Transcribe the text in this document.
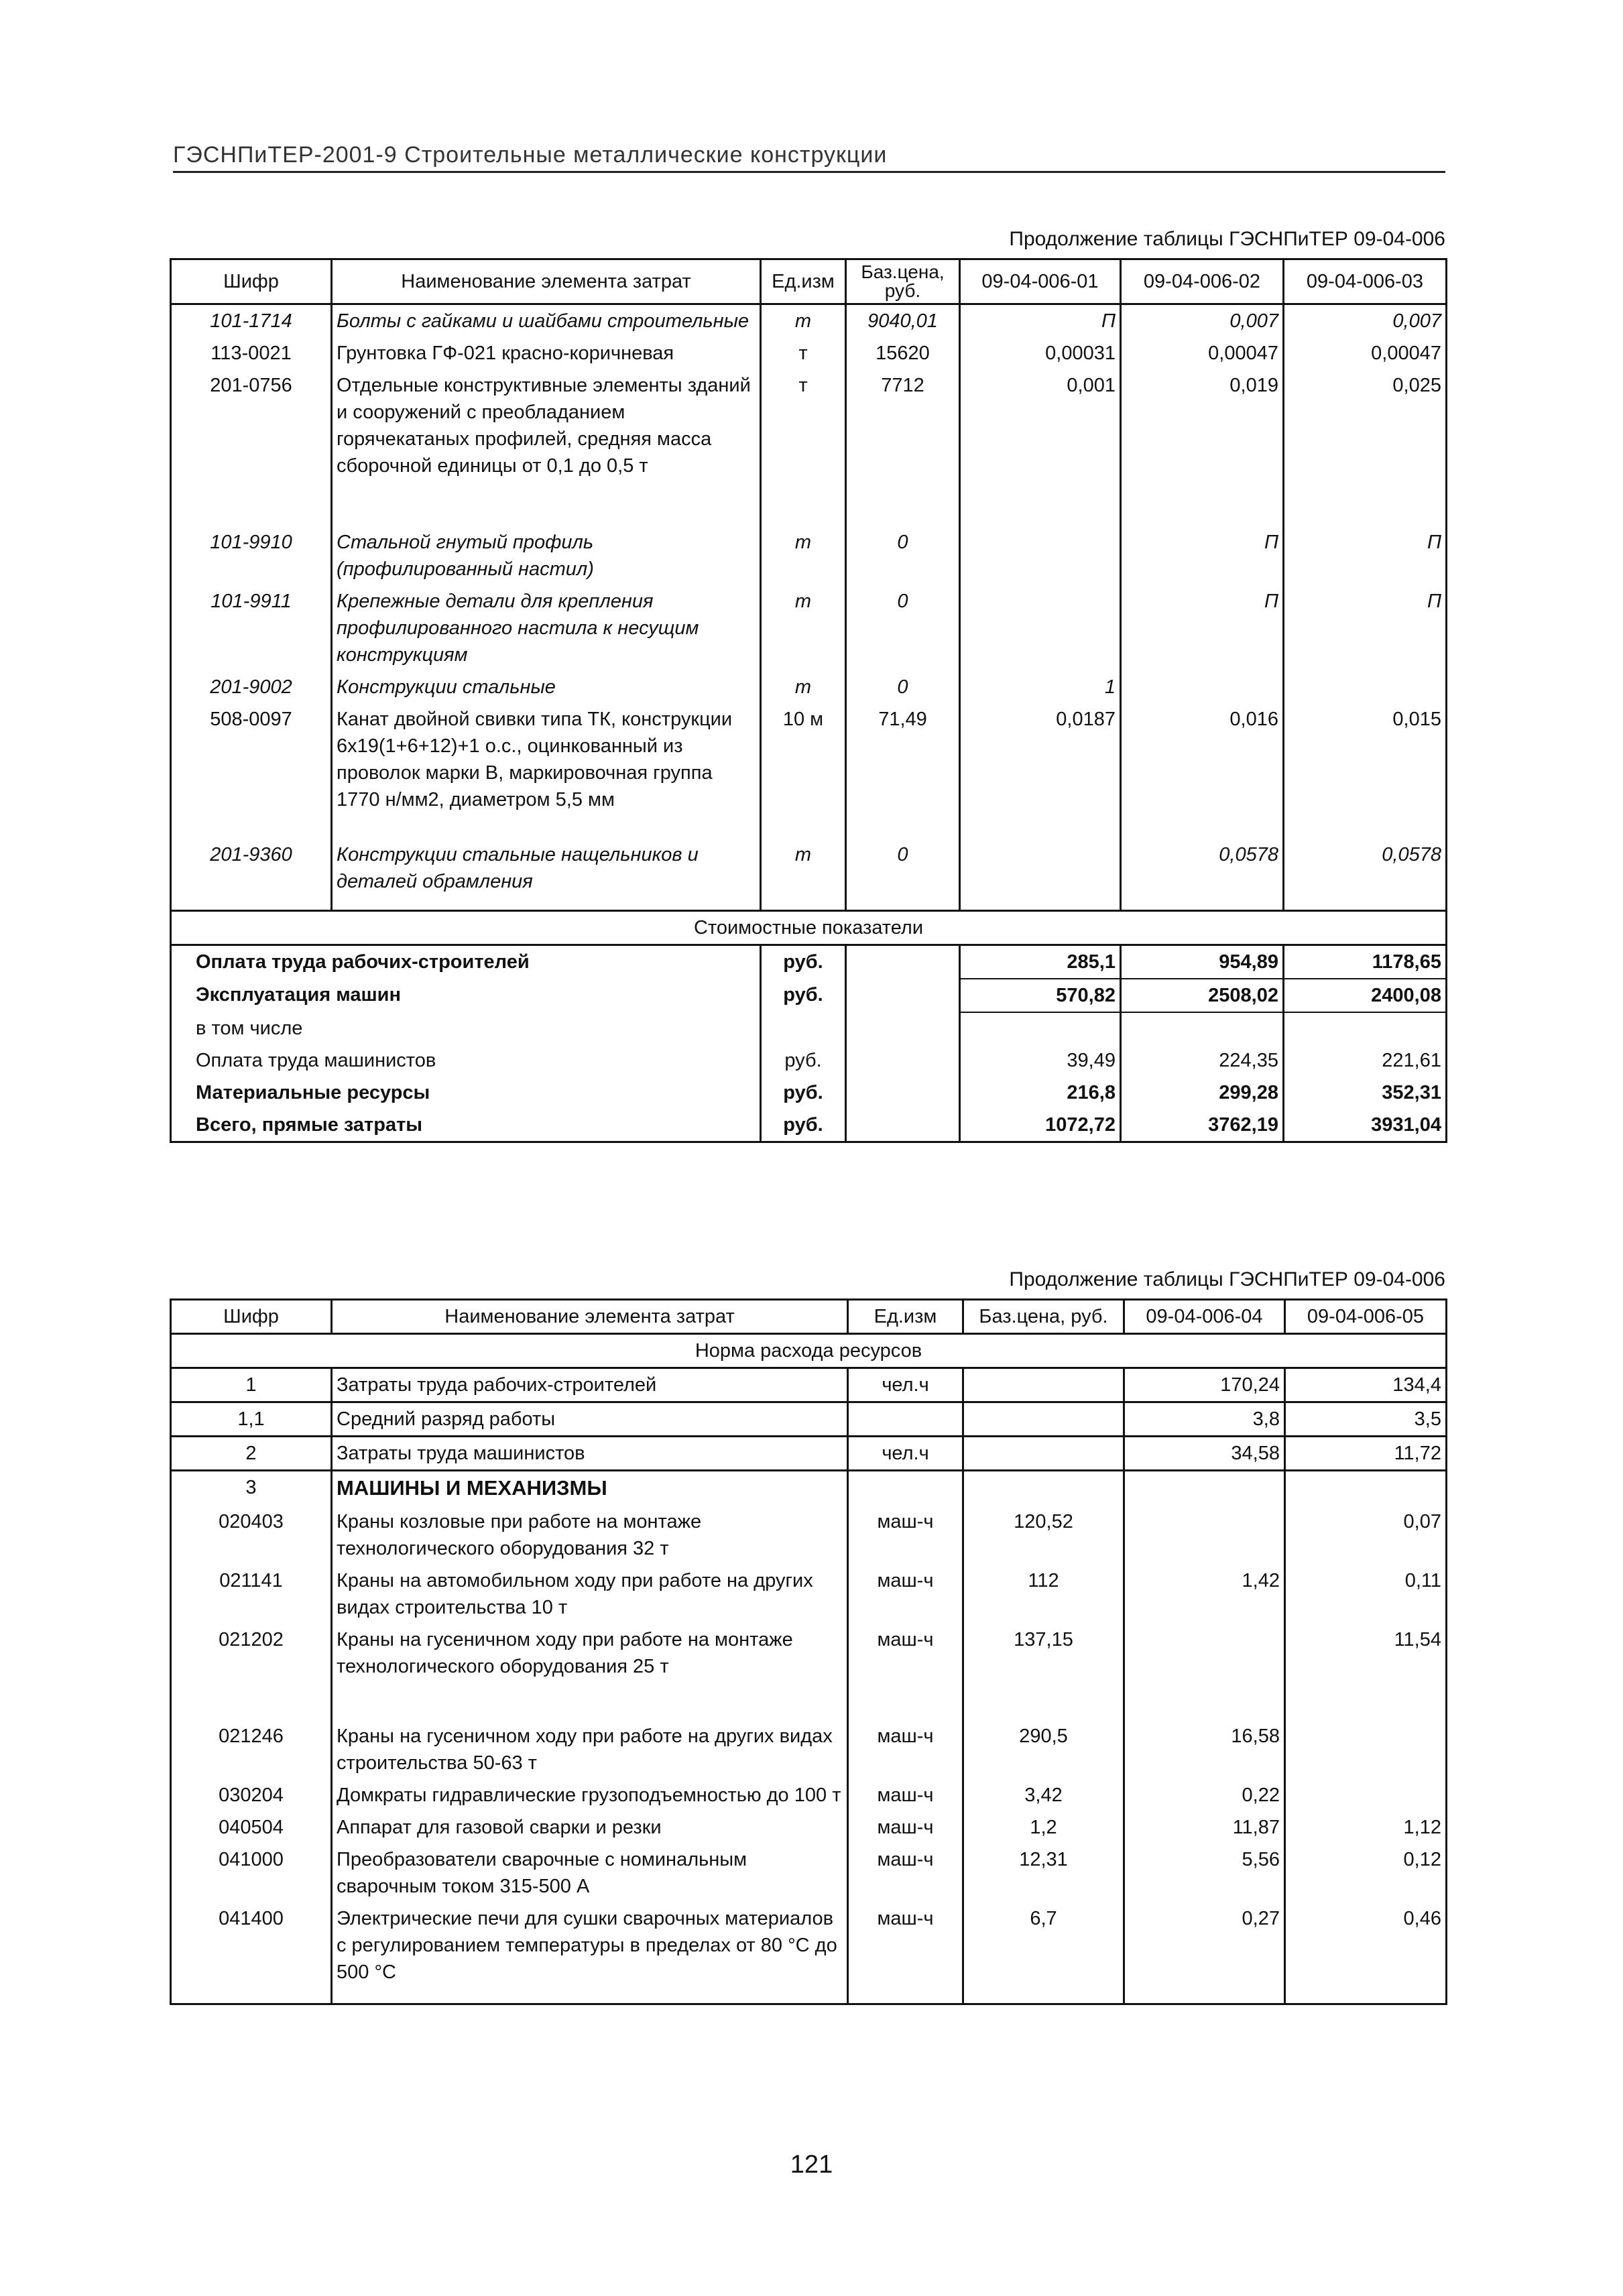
ГЭСНПиТЕР-2001-9 Строительные металлические конструкции
Продолжение таблицы ГЭСНПиТЕР 09-04-006
Шифр	Наименование элемента затрат	Ед.изм	Баз.цена, руб.	09-04-006-01	09-04-006-02	09-04-006-03
101-1714	Болты с гайками и шайбами строительные	т	9040,01	П	0,007	0,007
113-0021	Грунтовка ГФ-021 красно-коричневая	т	15620	0,00031	0,00047	0,00047
201-0756	Отдельные конструктивные элементы зданий и сооружений с преобладанием горячекатаных профилей, средняя масса сборочной единицы от 0,1 до 0,5 т	т	7712	0,001	0,019	0,025

101-9910	Стальной гнутый профиль (профилированный настил)	т	0		П	П
101-9911	Крепежные детали для крепления профилированного настила к несущим конструкциям	т	0		П	П
201-9002	Конструкции стальные	т	0	1		
508-0097	Канат двойной свивки типа ТК, конструкции 6х19(1+6+12)+1 о.с., оцинкованный из проволок марки В, маркировочная группа 1770 н/мм2, диаметром 5,5 мм	10 м	71,49	0,0187	0,016	0,015

201-9360	Конструкции стальные нащельников и деталей обрамления	т	0		0,0578	0,0578

Стоимостные показатели						
Оплата труда рабочих-строителей		руб.		285,1	954,89	1178,65
Эксплуатация машин		руб.		570,82	2508,02	2400,08
в том числе						
Оплата труда машинистов		руб.		39,49	224,35	221,61
Материальные ресурсы		руб.		216,8	299,28	352,31
Всего, прямые затраты		руб.		1072,72	3762,19	3931,04
Продолжение таблицы ГЭСНПиТЕР 09-04-006
Шифр	Наименование элемента затрат	Ед.изм	Баз.цена, руб.	09-04-006-04	09-04-006-05
Норма расхода ресурсов					
1	Затраты труда рабочих-строителей	чел.ч		170,24	134,4
1,1	Средний разряд работы			3,8	3,5
2	Затраты труда машинистов	чел.ч		34,58	11,72
3	МАШИНЫ И МЕХАНИЗМЫ				
020403	Краны козловые при работе на монтаже технологического оборудования 32 т	маш-ч	120,52		0,07
021141	Краны на автомобильном ходу при работе на других видах строительства 10 т	маш-ч	112	1,42	0,11
021202	Краны на гусеничном ходу при работе на монтаже технологического оборудования 25 т	маш-ч	137,15		11,54

021246	Краны на гусеничном ходу при работе на других видах строительства 50-63 т	маш-ч	290,5	16,58	
030204	Домкраты гидравлические грузоподъемностью до 100 т	маш-ч	3,42	0,22	
040504	Аппарат для газовой сварки и резки	маш-ч	1,2	11,87	1,12
041000	Преобразователи сварочные с номинальным сварочным током 315-500 А	маш-ч	12,31	5,56	0,12
041400	Электрические печи для сушки сварочных материалов с регулированием температуры в пределах от 80 °С до 500 °С	маш-ч	6,7	0,27	0,46

121
